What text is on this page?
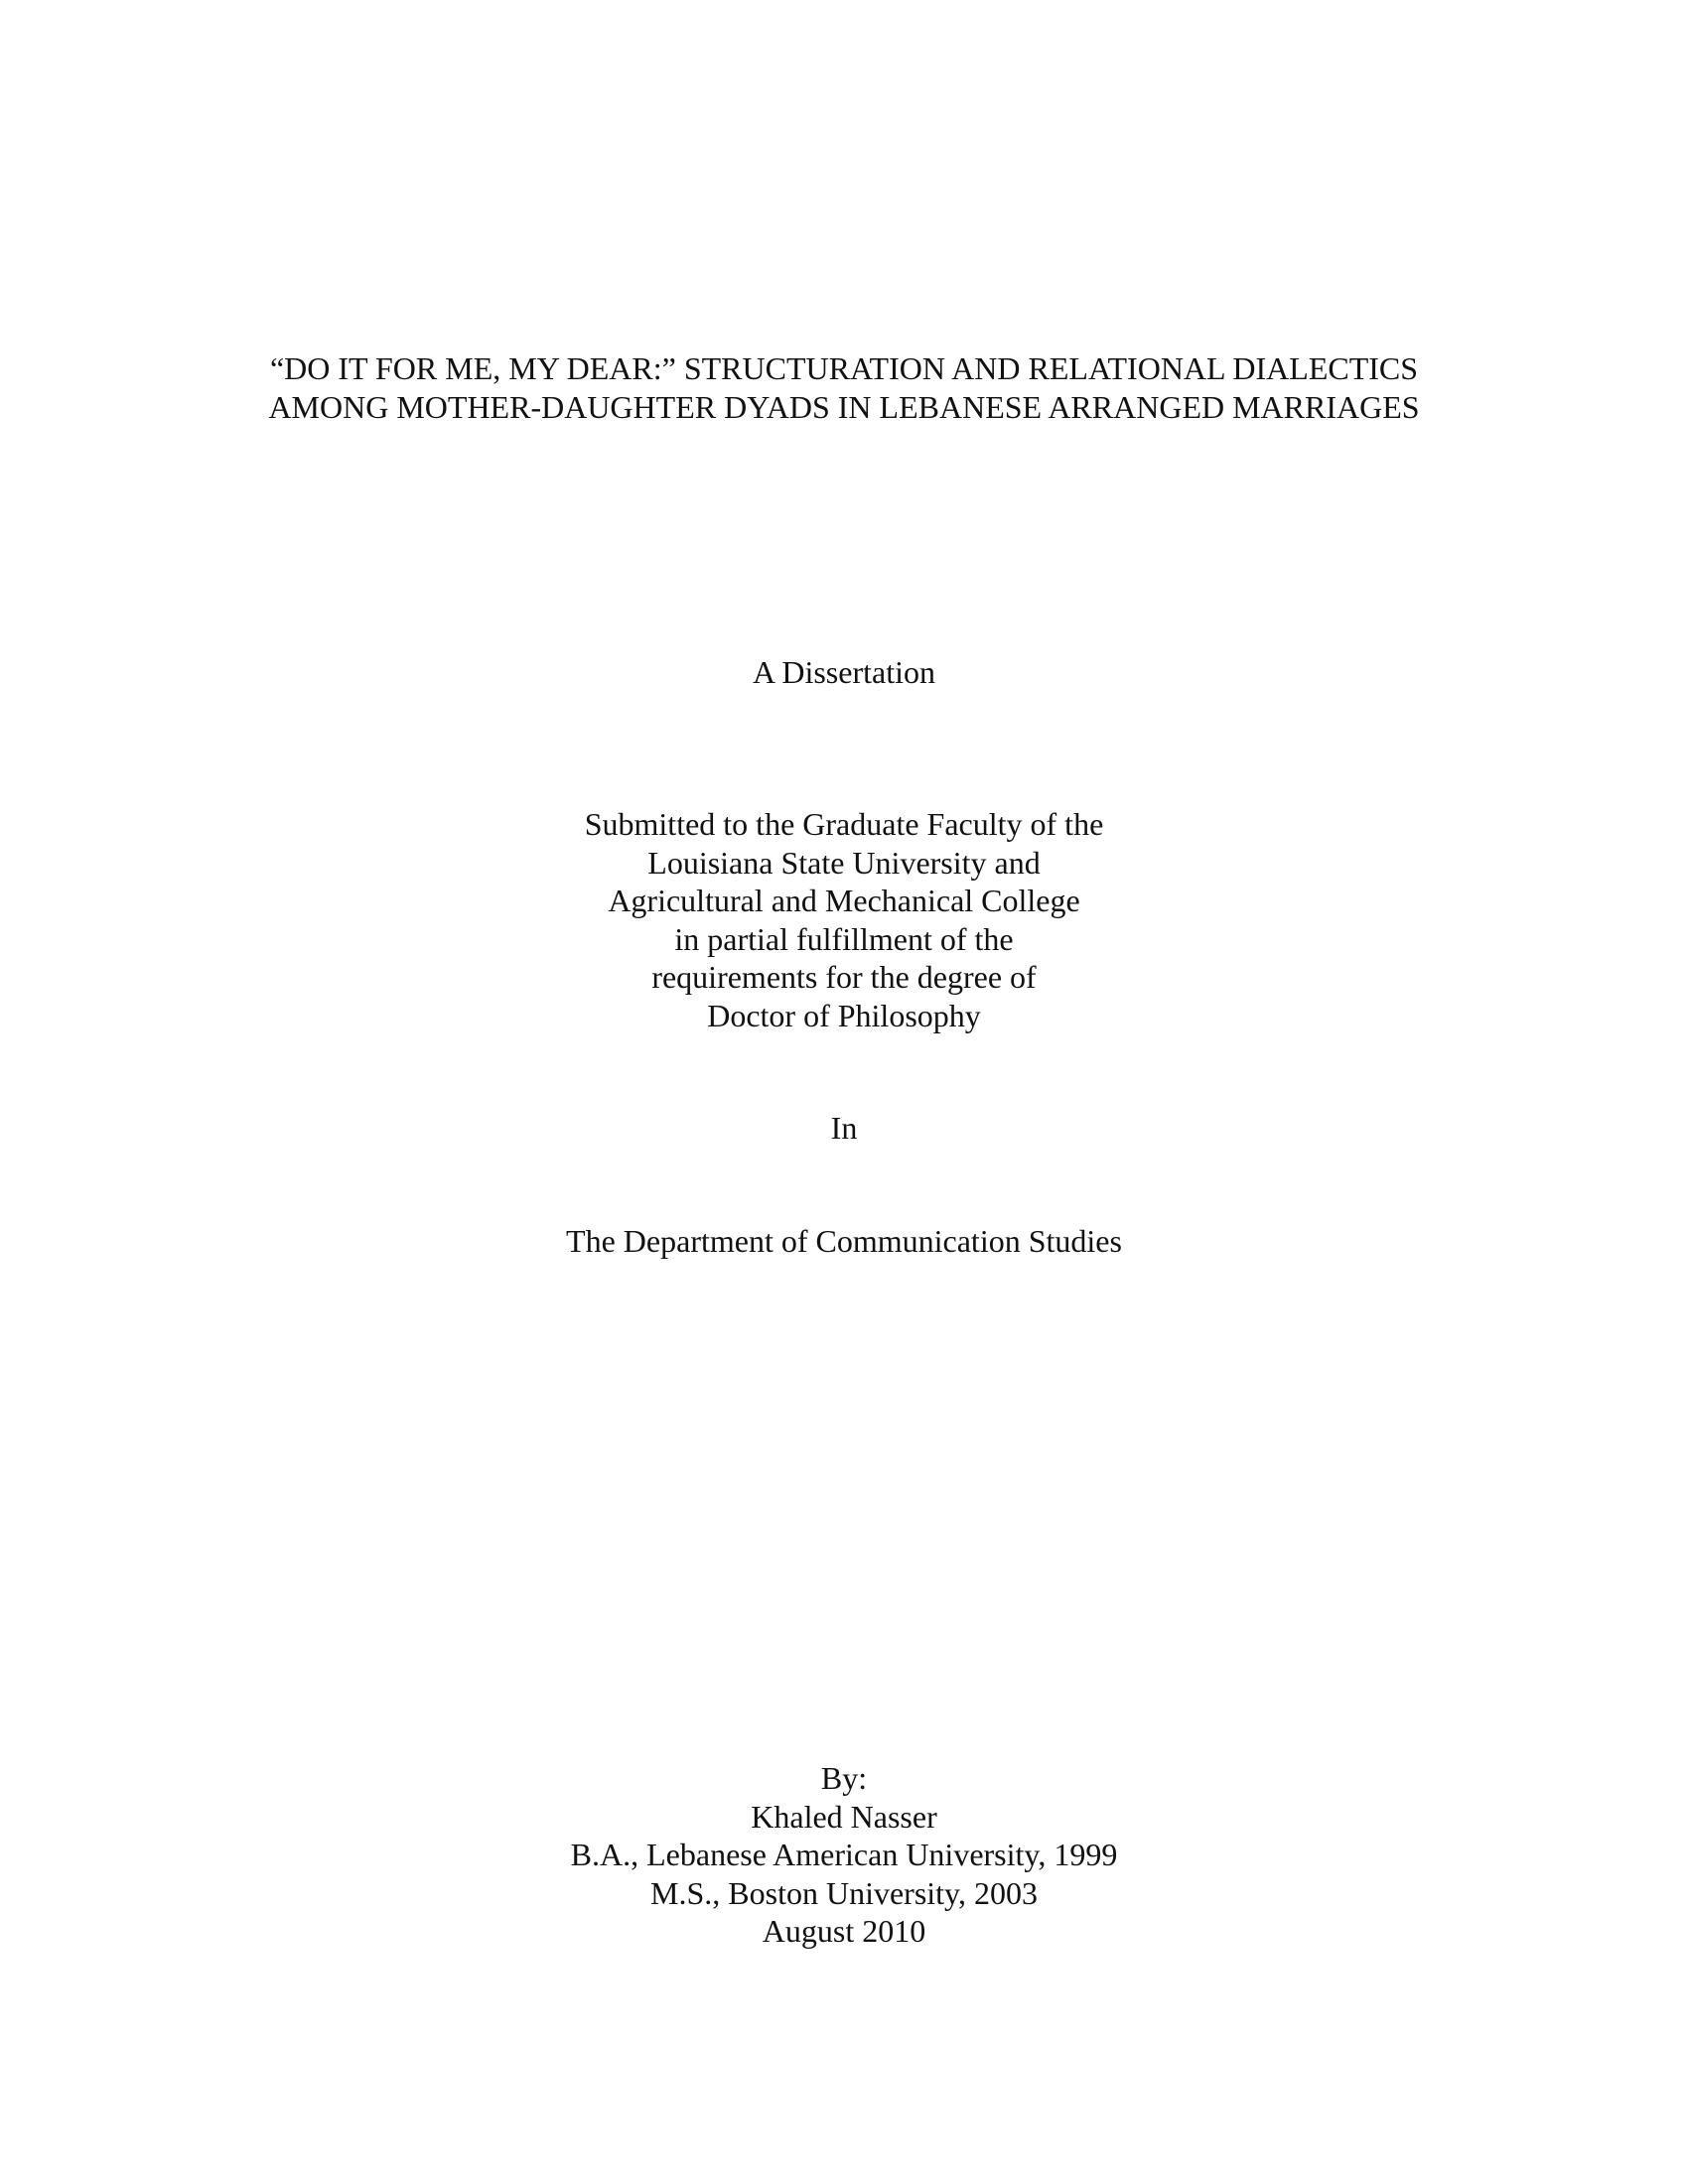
“DO IT FOR ME, MY DEAR:” STRUCTURATION AND RELATIONAL DIALECTICS
AMONG MOTHER-DAUGHTER DYADS IN LEBANESE ARRANGED MARRIAGES
A Dissertation
Submitted to the Graduate Faculty of the
Louisiana State University and
Agricultural and Mechanical College
in partial fulfillment of the
requirements for the degree of
Doctor of Philosophy
In
The Department of Communication Studies
By:
Khaled Nasser
B.A., Lebanese American University, 1999
M.S., Boston University, 2003
August 2010
